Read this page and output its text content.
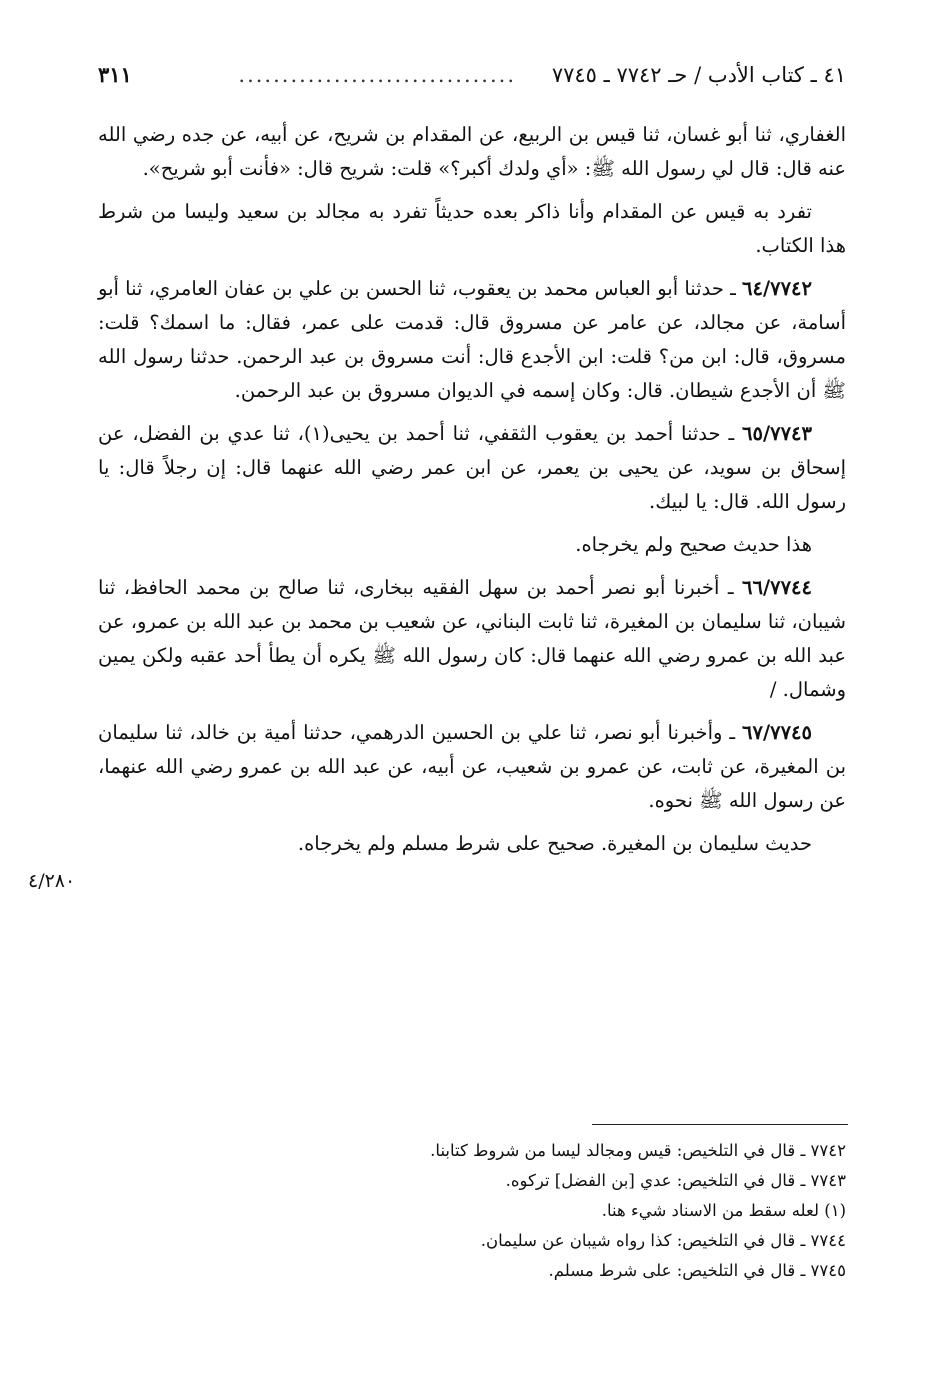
٤١ ـ كتاب الأدب / حـ ٧٧٤٢ ـ ٧٧٤٥
................................
٣١١

الغفاري، ثنا أبو غسان، ثنا قيس بن الربيع، عن المقدام بن شريح، عن أبيه، عن جده رضي الله عنه قال: قال لي رسول الله ﷺ: «أي ولدك أكبر؟» قلت: شريح قال: «فأنت أبو شريح».

تفرد به قيس عن المقدام وأنا ذاكر بعده حديثاً تفرد به مجالد بن سعيد وليسا من شرط هذا الكتاب.

٦٤/٧٧٤٢ ـ حدثنا أبو العباس محمد بن يعقوب، ثنا الحسن بن علي بن عفان العامري، ثنا أبو أسامة، عن مجالد، عن عامر عن مسروق قال: قدمت على عمر، فقال: ما اسمك؟ قلت: مسروق، قال: ابن من؟ قلت: ابن الأجدع قال: أنت مسروق بن عبد الرحمن. حدثنا رسول الله ﷺ أن الأجدع شيطان. قال: وكان إسمه في الديوان مسروق بن عبد الرحمن.

٦٥/٧٧٤٣ ـ حدثنا أحمد بن يعقوب الثقفي، ثنا أحمد بن يحيى(١)، ثنا عدي بن الفضل، عن إسحاق بن سويد، عن يحيى بن يعمر، عن ابن عمر رضي الله عنهما قال: إن رجلاً قال: يا رسول الله. قال: يا لبيك.

هذا حديث صحيح ولم يخرجاه.

٦٦/٧٧٤٤ ـ أخبرنا أبو نصر أحمد بن سهل الفقيه ببخارى، ثنا صالح بن محمد الحافظ، ثنا شيبان، ثنا سليمان بن المغيرة، ثنا ثابت البناني، عن شعيب بن محمد بن عبد الله بن عمرو، عن عبد الله بن عمرو رضي الله عنهما قال: كان رسول الله ﷺ يكره أن يطأ أحد عقبه ولكن يمين وشمال. /

٦٧/٧٧٤٥ ـ وأخبرنا أبو نصر، ثنا علي بن الحسين الدرهمي، حدثنا أمية بن خالد، ثنا سليمان بن المغيرة، عن ثابت، عن عمرو بن شعيب، عن أبيه، عن عبد الله بن عمرو رضي الله عنهما، عن رسول الله ﷺ نحوه.

حديث سليمان بن المغيرة. صحيح على شرط مسلم ولم يخرجاه.

٤/٢٨٠
٧٧٤٢ ـ قال في التلخيص: قيس ومجالد ليسا من شروط كتابنا.
٧٧٤٣ ـ قال في التلخيص: عدي [بن الفضل] تركوه.
(١) لعله سقط من الاسناد شيء هنا.
٧٧٤٤ ـ قال في التلخيص: كذا رواه شيبان عن سليمان.
٧٧٤٥ ـ قال في التلخيص: على شرط مسلم.
